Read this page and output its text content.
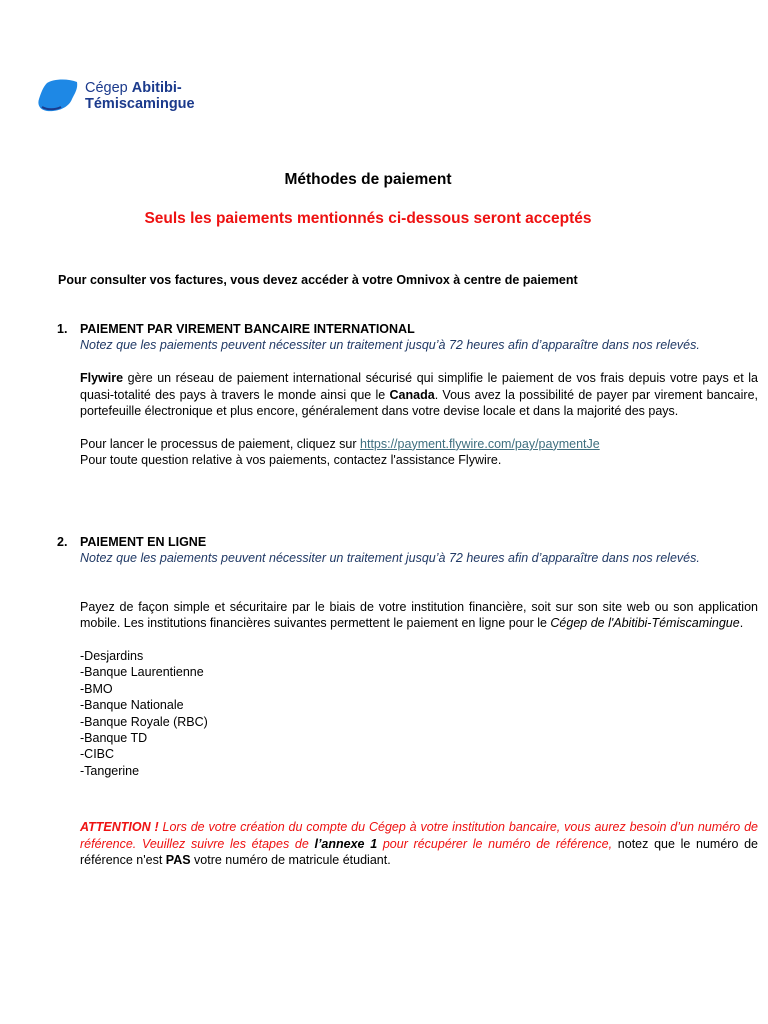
Cégep Abitibi-
Témiscamingue
Méthodes de paiement
Seuls les paiements mentionnés ci-dessous seront acceptés
Pour consulter vos factures, vous devez accéder à votre Omnivox à centre de paiement
1. PAIEMENT PAR VIREMENT BANCAIRE INTERNATIONAL
Notez que les paiements peuvent nécessiter un traitement jusqu’à 72 heures afin d’apparaître dans nos relevés.
Flywire gère un réseau de paiement international sécurisé qui simplifie le paiement de vos frais depuis votre pays et la quasi-totalité des pays à travers le monde ainsi que le Canada. Vous avez la possibilité de payer par virement bancaire, portefeuille électronique et plus encore, généralement dans votre devise locale et dans la majorité des pays.
Pour lancer le processus de paiement, cliquez sur https://payment.flywire.com/pay/paymentJe
Pour toute question relative à vos paiements, contactez l'assistance Flywire.
2. PAIEMENT EN LIGNE
Notez que les paiements peuvent nécessiter un traitement jusqu’à 72 heures afin d’apparaître dans nos relevés.
Payez de façon simple et sécuritaire par le biais de votre institution financière, soit sur son site web ou son application mobile. Les institutions financières suivantes permettent le paiement en ligne pour le Cégep de l'Abitibi-Témiscamingue.
-Desjardins
-Banque Laurentienne
-BMO
-Banque Nationale
-Banque Royale (RBC)
-Banque TD
-CIBC
-Tangerine
ATTENTION ! Lors de votre création du compte du Cégep à votre institution bancaire, vous aurez besoin d’un numéro de référence. Veuillez suivre les étapes de l’annexe 1 pour récupérer le numéro de référence, notez que le numéro de référence n'est PAS votre numéro de matricule étudiant.
